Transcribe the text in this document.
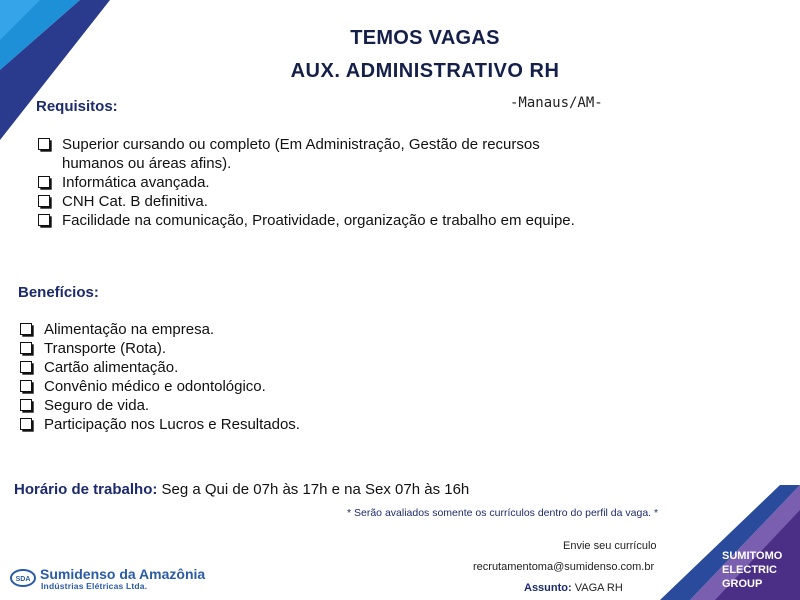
TEMOS VAGAS
AUX. ADMINISTRATIVO RH
-Manaus/AM-
Requisitos:
Superior cursando ou completo (Em Administração, Gestão de recursos humanos ou áreas afins).
Informática avançada.
CNH Cat. B definitiva.
Facilidade na comunicação, Proatividade, organização e trabalho em equipe.
Benefícios:
Alimentação na empresa.
Transporte (Rota).
Cartão alimentação.
Convênio médico e odontológico.
Seguro de vida.
Participação nos Lucros e Resultados.
Horário de trabalho: Seg a Qui de 07h às 17h e na Sex 07h às 16h
* Serão avaliados somente os currículos dentro do perfil da vaga. *
Envie seu currículo
recrutamentoma@sumidenso.com.br
Assunto: VAGA RH
SDA Sumidenso da Amazônia
Indústrias Elétricas Ltda.
SUMITOMO
ELECTRIC
GROUP
